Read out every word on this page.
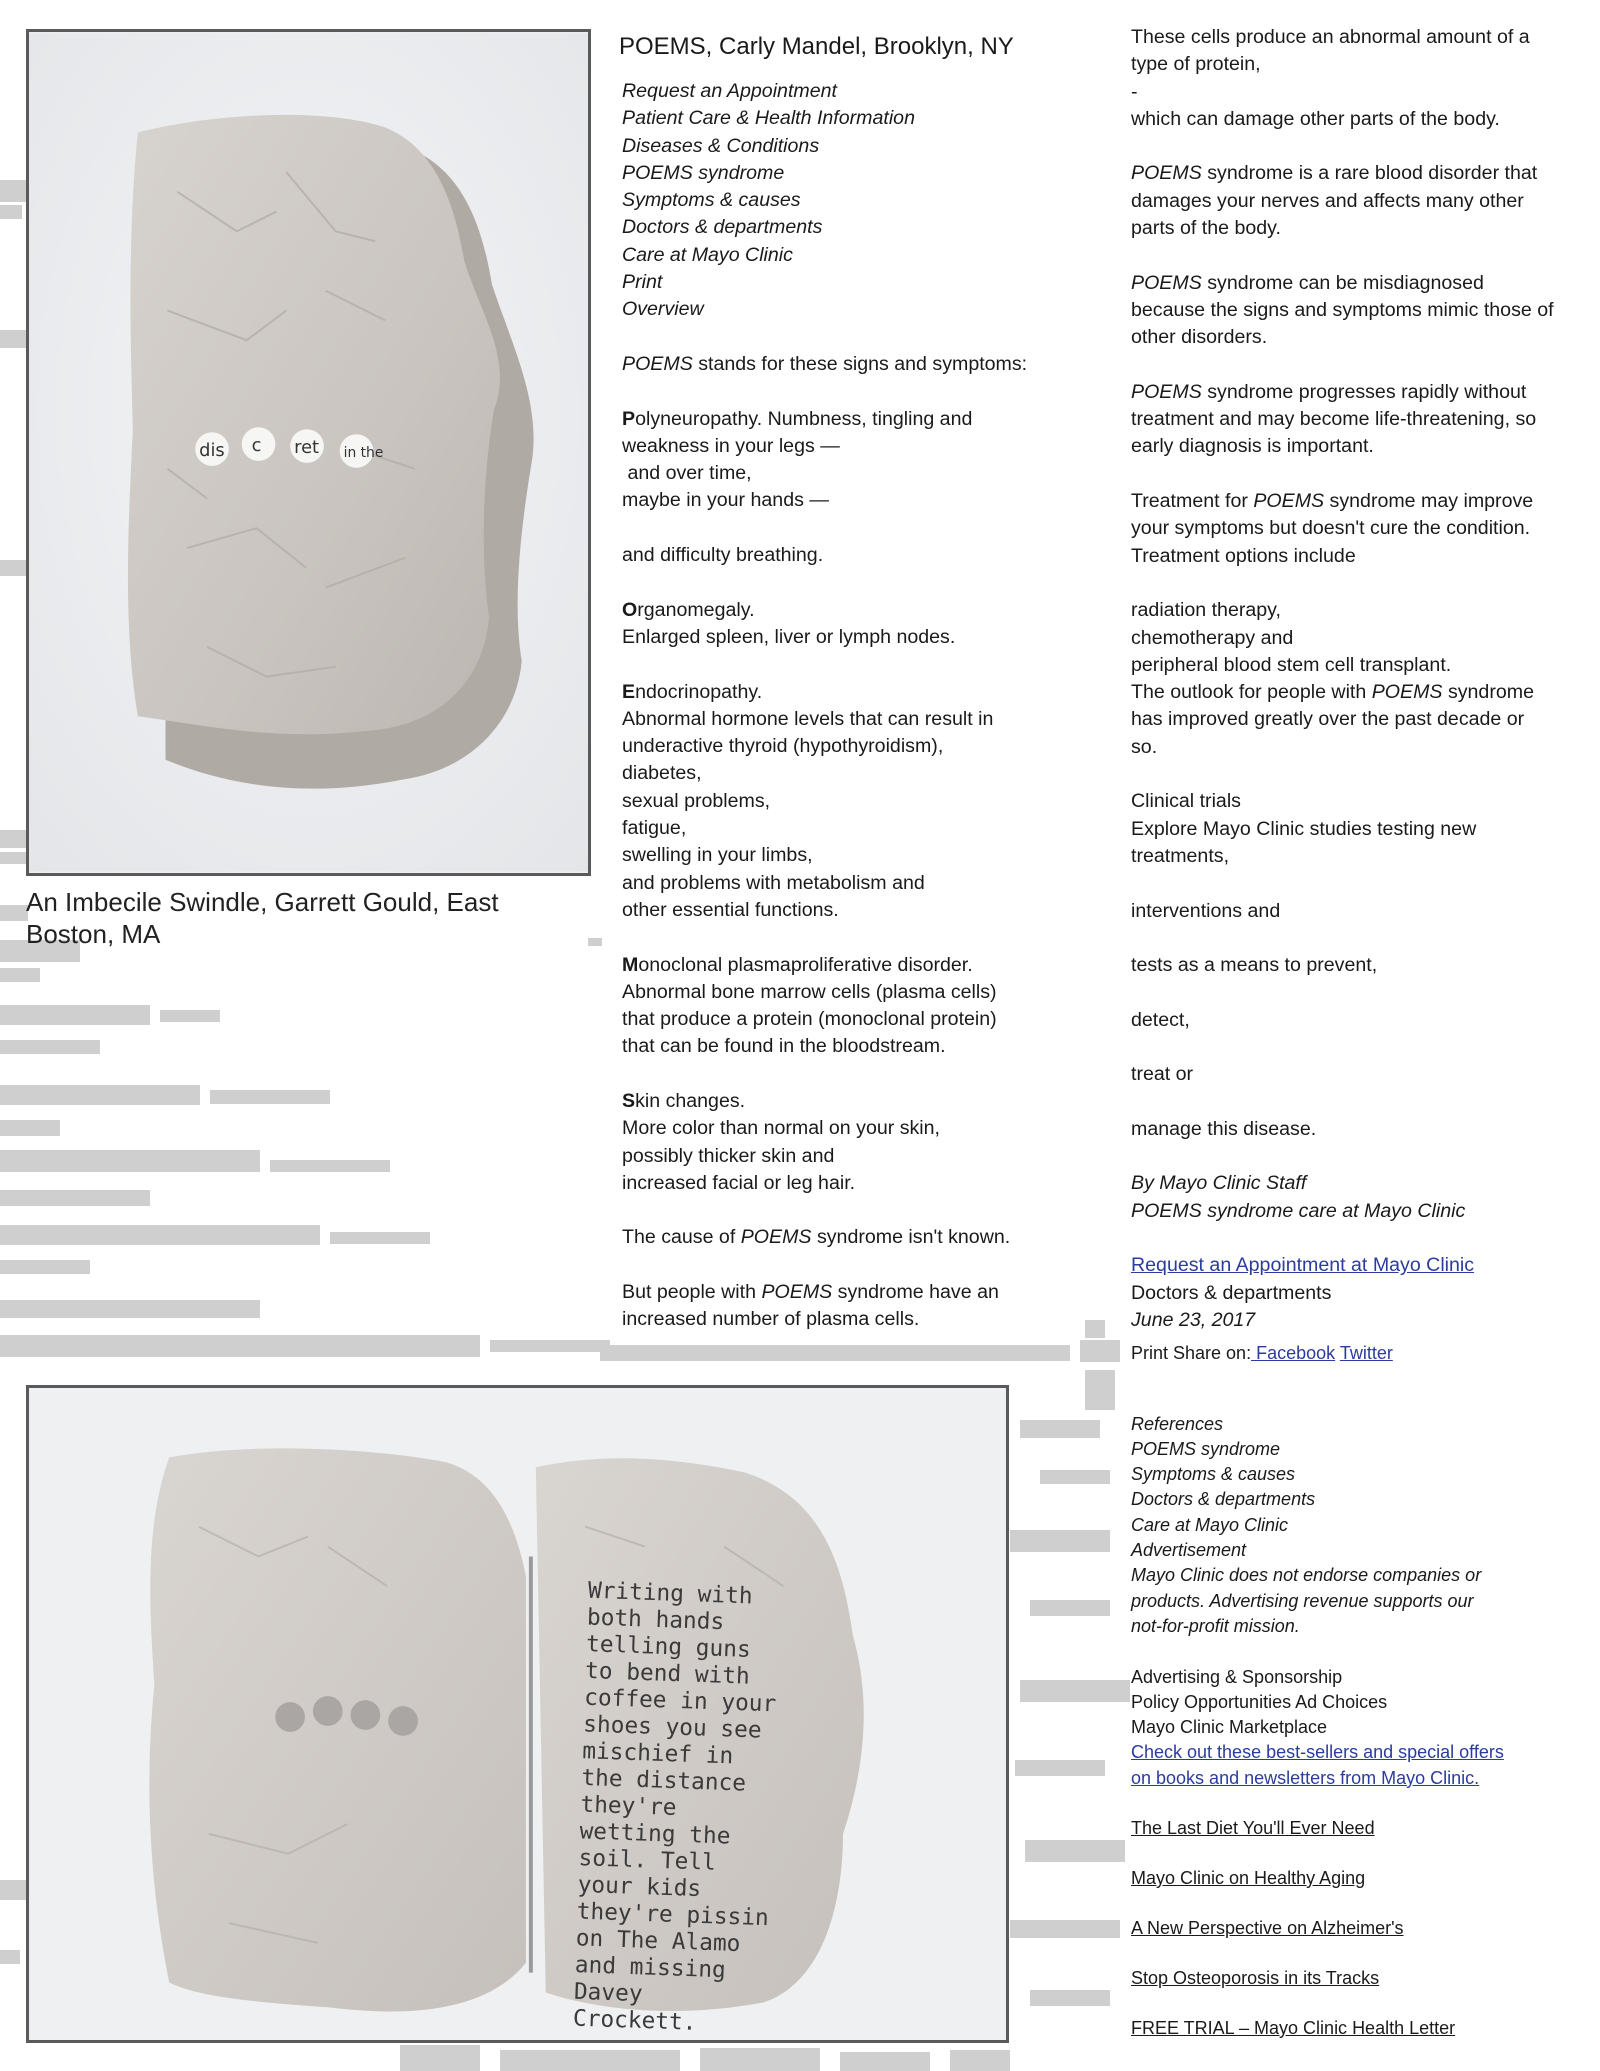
dis c ret in the
An Imbecile Swindle, Garrett Gould, East Boston, MA
Writing with both hands telling guns to bend with coffee in your shoes you see mischief in the distance they're wetting the soil. Tell your kids they're pissin on The Alamo and missing Davey Crockett.
POEMS, Carly Mandel, Brooklyn, NY

Request an Appointment

Patient Care & Health Information

Diseases & Conditions

POEMS syndrome

Symptoms & causes

Doctors & departments

Care at Mayo Clinic

Print

Overview

POEMS stands for these signs and symptoms:

Polyneuropathy. Numbness, tingling and

weakness in your legs —

and over time,

maybe in your hands —

and difficulty breathing.

Organomegaly.

Enlarged spleen, liver or lymph nodes.

Endocrinopathy.

Abnormal hormone levels that can result in

underactive thyroid (hypothyroidism),

diabetes,

sexual problems,

fatigue,

swelling in your limbs,

and problems with metabolism and

other essential functions.

Monoclonal plasmaproliferative disorder.

Abnormal bone marrow cells (plasma cells)

that produce a protein (monoclonal protein)

that can be found in the bloodstream.

Skin changes.

More color than normal on your skin,

possibly thicker skin and

increased facial or leg hair.

The cause of POEMS syndrome isn't known.

But people with POEMS syndrome have an

increased number of plasma cells.

These cells produce an abnormal amount of a

type of protein,

-

which can damage other parts of the body.

POEMS syndrome is a rare blood disorder that

damages your nerves and affects many other

parts of the body.

POEMS syndrome can be misdiagnosed

because the signs and symptoms mimic those of

other disorders.

POEMS syndrome progresses rapidly without

treatment and may become life-threatening, so

early diagnosis is important.

Treatment for POEMS syndrome may improve

your symptoms but doesn't cure the condition.

Treatment options include

radiation therapy,

chemotherapy and

peripheral blood stem cell transplant.

The outlook for people with POEMS syndrome

has improved greatly over the past decade or

so.

Clinical trials

Explore Mayo Clinic studies testing new

treatments,

interventions and

tests as a means to prevent,

detect,

treat or

manage this disease.

By Mayo Clinic Staff

POEMS syndrome care at Mayo Clinic

Request an Appointment at Mayo Clinic

Doctors & departments

June 23, 2017

Print Share on: Facebook Twitter

References

POEMS syndrome

Symptoms & causes

Doctors & departments

Care at Mayo Clinic

Advertisement

Mayo Clinic does not endorse companies or

products. Advertising revenue supports our

not-for-profit mission.

Advertising & Sponsorship

Policy Opportunities Ad Choices

Mayo Clinic Marketplace

Check out these best-sellers and special offers

on books and newsletters from Mayo Clinic.

The Last Diet You'll Ever Need

Mayo Clinic on Healthy Aging

A New Perspective on Alzheimer's

Stop Osteoporosis in its Tracks

FREE TRIAL – Mayo Clinic Health Letter
